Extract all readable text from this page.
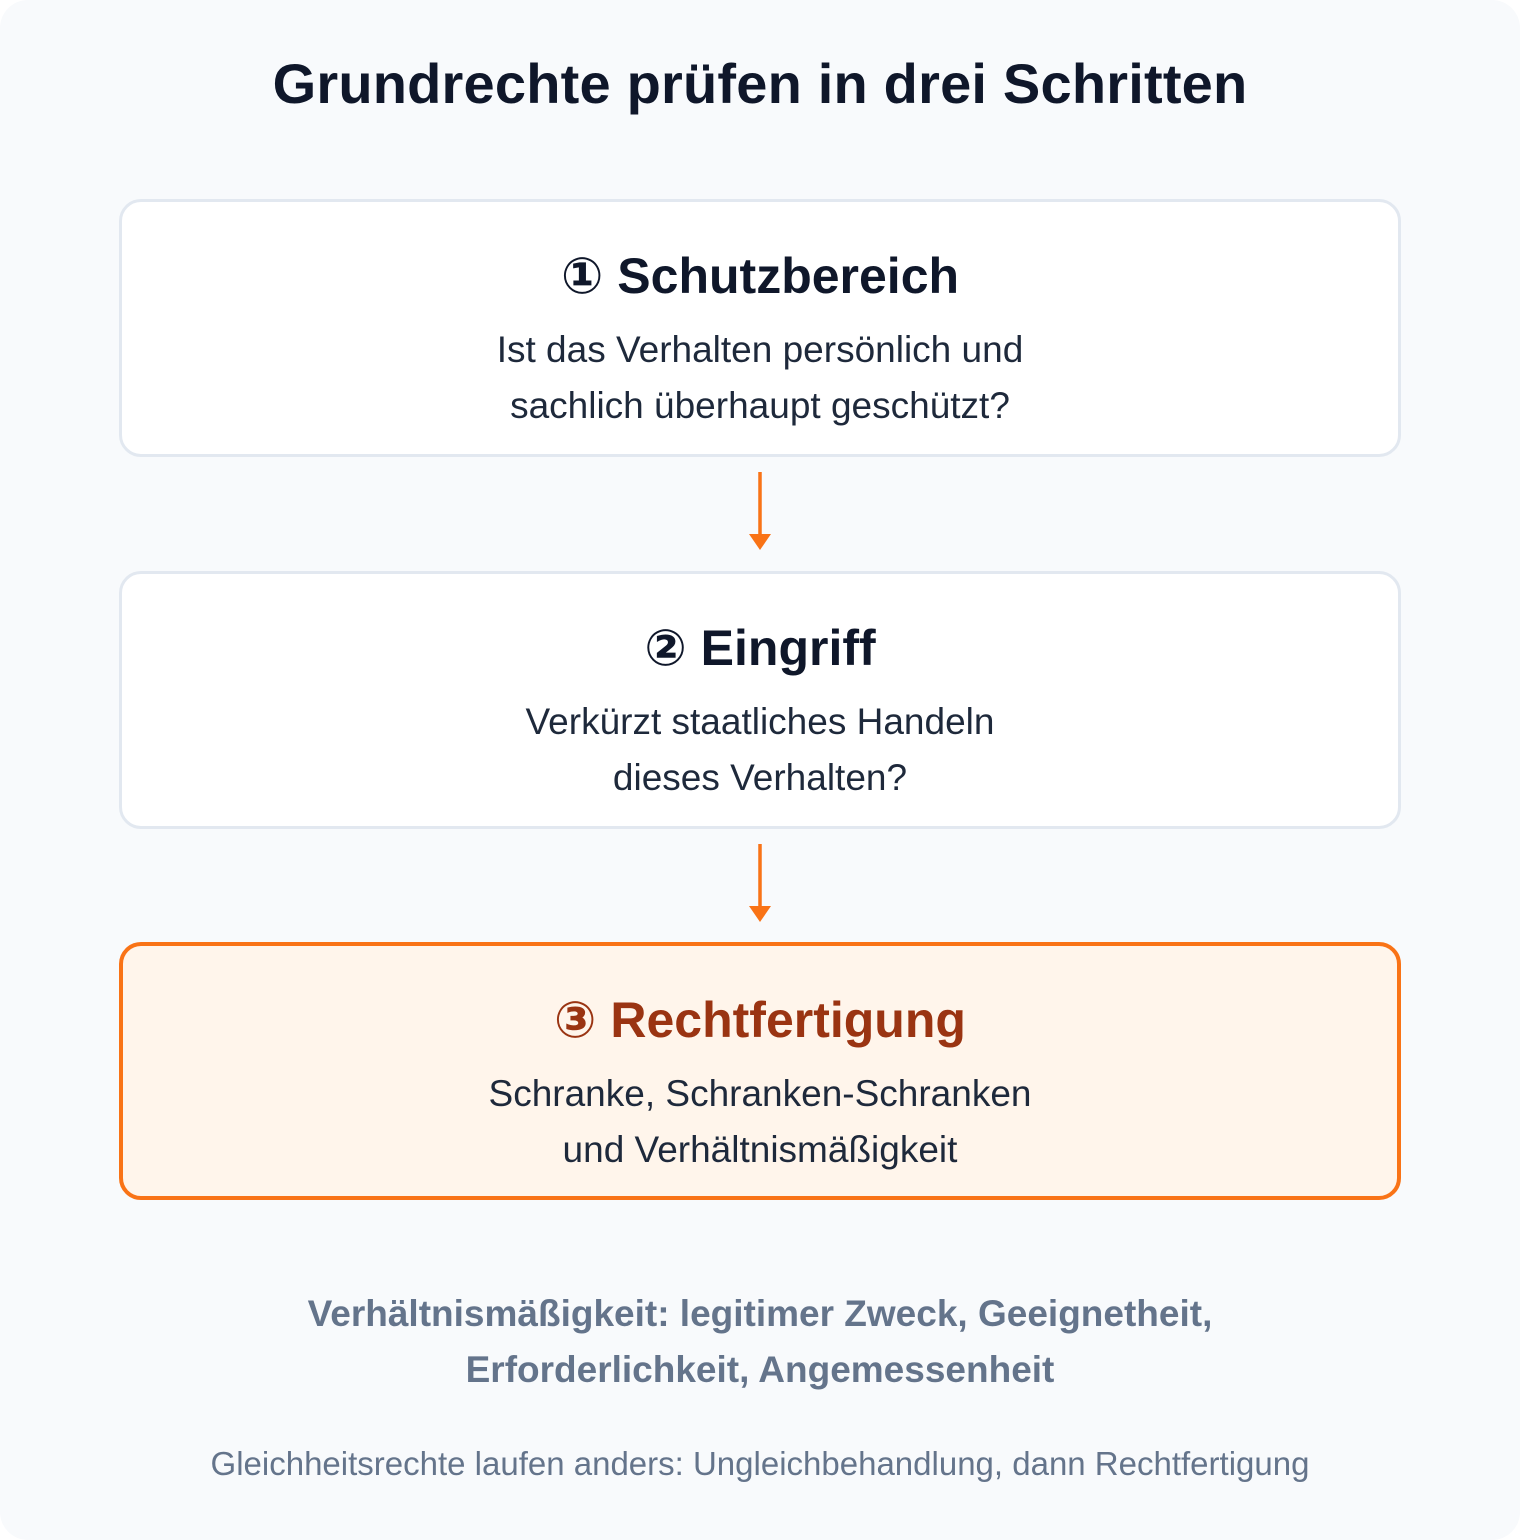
Grundrechte prüfen in drei Schritten
① Schutzbereich
Ist das Verhalten persönlich und
sachlich überhaupt geschützt?
② Eingriff
Verkürzt staatliches Handeln
dieses Verhalten?
③ Rechtfertigung
Schranke, Schranken-Schranken
und Verhältnismäßigkeit
Verhältnismäßigkeit: legitimer Zweck, Geeignetheit,
Erforderlichkeit, Angemessenheit
Gleichheitsrechte laufen anders: Ungleichbehandlung, dann Rechtfertigung
